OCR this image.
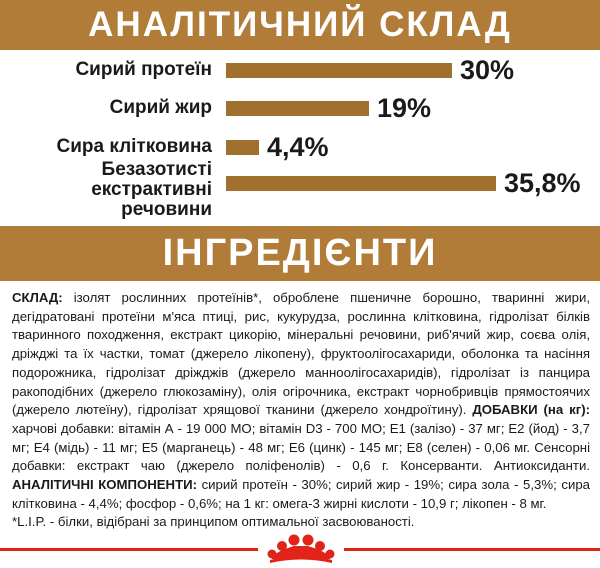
АНАЛІТИЧНИЙ СКЛАД
Сирий протеїн	30%
Сирий жир	19%
Сира клітковина 4,4%
Безазотисті
екстрактивні речовини
35,8%
ІНГРЕДІЄНТИ
СКЛАД: ізолят рослинних протеїнів*, оброблене пшеничне борошно, тваринні жири, дегідратовані протеїни м'яса птиці, рис, кукурудза, рослинна клітковина, гідролізат білків тваринного походження, екстракт цикорію, мінеральні речовини, риб'ячий жир, соєва олія, дріжджі та їх частки, томат (джерело лікопену), фруктоолігосахариди, оболонка та насіння подорожника, гідролізат дріжджів (джерело манноолігосахаридів), гідролізат із панцира ракоподібних (джерело глюкозаміну), олія огірочника, екстракт чорнобривців прямостоячих (джерело лютеїну), гідролізат хрящової тканини (джерело хондроїтину). ДОБАВКИ (на кг): харчові добавки: вітамін А - 19 000 МО; вітамін D3 - 700 МО; Е1 (залізо) - 37 мг; Е2 (йод) - 3,7 мг; Е4 (мідь) - 11 мг; Е5 (марганець) - 48 мг; Е6 (цинк) - 145 мг; Е8 (селен) - 0,06 мг. Сенсорні добавки: екстракт чаю (джерело поліфенолів) - 0,6 г. Консерванти. Антиоксиданти. АНАЛІТИЧНІ КОМПОНЕНТИ: сирий протеїн - 30%; сирий жир - 19%; сира зола - 5,3%; сира клітковина - 4,4%; фосфор - 0,6%; на 1 кг: омега-3 жирні кислоти - 10,9 г; лікопен - 8 мг.
*L.I.P. - білки, відібрані за принципом оптимальної засвоюваності.
